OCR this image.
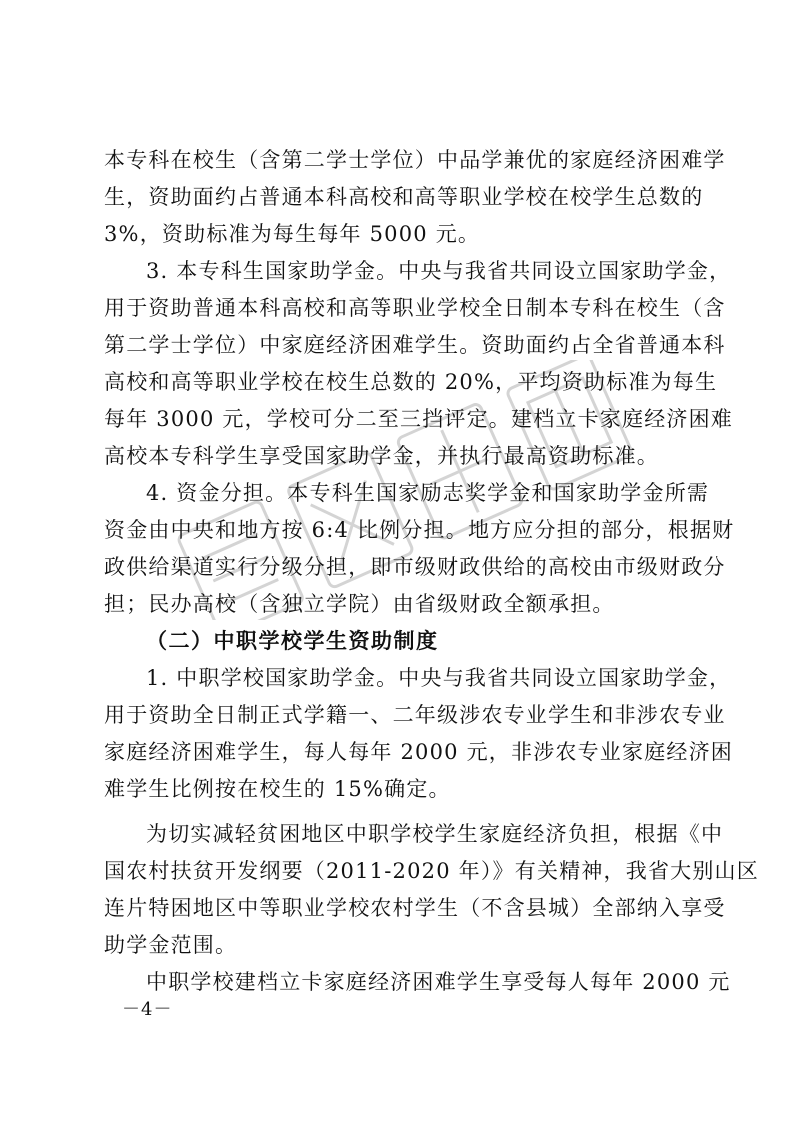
本专科在校生（含第二学士学位）中品学兼优的家庭经济困难学
生，资助面约占普通本科高校和高等职业学校在校学生总数的
3%，资助标准为每生每年 5000 元。
3. 本专科生国家助学金。中央与我省共同设立国家助学金，
用于资助普通本科高校和高等职业学校全日制本专科在校生（含
第二学士学位）中家庭经济困难学生。资助面约占全省普通本科
高校和高等职业学校在校生总数的 20%，平均资助标准为每生
每年 3000 元，学校可分二至三挡评定。建档立卡家庭经济困难
高校本专科学生享受国家助学金，并执行最高资助标准。
4. 资金分担。本专科生国家励志奖学金和国家助学金所需
资金由中央和地方按 6:4 比例分担。地方应分担的部分，根据财
政供给渠道实行分级分担，即市级财政供给的高校由市级财政分
担；民办高校（含独立学院）由省级财政全额承担。
（二）中职学校学生资助制度
1. 中职学校国家助学金。中央与我省共同设立国家助学金，
用于资助全日制正式学籍一、二年级涉农专业学生和非涉农专业
家庭经济困难学生，每人每年 2000 元，非涉农专业家庭经济困
难学生比例按在校生的 15%确定。
为切实减轻贫困地区中职学校学生家庭经济负担，根据《中
国农村扶贫开发纲要（2011-2020 年）》有关精神，我省大别山区
连片特困地区中等职业学校农村学生（不含县城）全部纳入享受
助学金范围。
中职学校建档立卡家庭经济困难学生享受每人每年 2000 元
－4－
